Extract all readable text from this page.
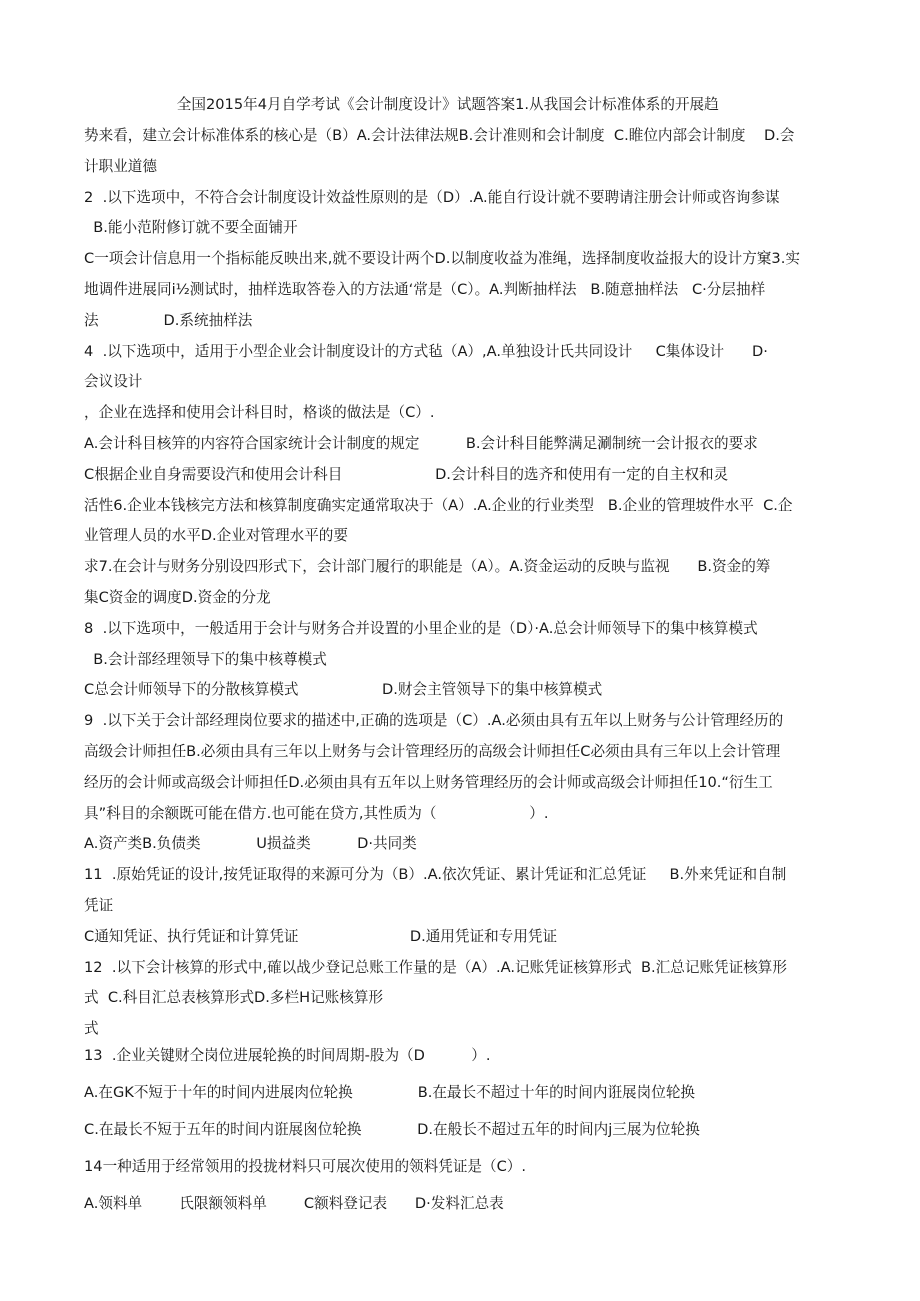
全国2015年4月自学考试《会计制度设计》试题答案1.从我国会计标准体系的开展趋

势来看，建立会计标准体系的核心是（B）A.会计法律法规B.会计准则和会计制度  C.睢位内部会计制度    D.会

计职业道德

2  .以下选项中，不符合会计制度设计效益性原则的是（D）.A.能自行设计就不要聘请注册会计师或咨询参谋

B.能小范附修订就不要全面铺开

C一项会计信息用一个指标能反映出来,就不要设计两个D.以制度收益为准绳，选择制度收益报大的设计方窠3.实

地调件进展同i½测试时，抽样选取答卷入的方法通‘常是（C）。A.判断抽样法   B.随意抽样法   C·分层抽样

法              D.系统抽样法

4  .以下选项中，适用于小型企业会计制度设计的方式毡（A）,A.单独设计氏共同设计     C集体设计      D·

会议设计

，企业在选择和使用会计科目时，格谈的做法是（C）.

A.会计科目核笄的内容符合国家统计会计制度的规定          B.会计科目能弊满足涮制统一会计报衣的要求

C根据企业自身需要设汽和使用会计科目                    D.会计科目的选齐和使用有一定的自主权和灵

活性6.企业本钱核完方法和核算制度确实定通常取决于（A）.A.企业的行业类型   B.企业的管理坡件水平  C.企

业管理人员的水平D.企业对管理水平的要

求7.在会计与财务分别设四形式下，会计部门履行的职能是（A）。A.资金运动的反映与监视      B.资金的筹

集C资金的调度D.资金的分龙

8  .以下选项中，一般适用于会计与财务合并设置的小里企业的是（D）·A.总会计师领导下的集中核算模式

B.会计部经理领导下的集中核尊模式

C总会计师领导下的分散核算模式                  D.财会主管领导下的集中核算模式

9  .以下关于会计部经理岗位要求的描述中,正确的选项是（C）.A.必须由具有五年以上财务与公计管理经历的

高级会计师担任B.必须由具有三年以上财务与会计管理经历的高级会计师担任C必须由具有三年以上会计管理

经历的会计师或高级会计师担任D.必须由具有五年以上财务管理经历的会计师或高级会计师担任10.“衍生工

具”科目的余额既可能在借方.也可能在贷方,其性质为（                    ）.

A.资产类B.负债类            U损益类          D·共同类

11  .原始凭证的设计,按凭证取得的来源可分为（B）.A.依次凭证、累计凭证和汇总凭证     B.外来凭证和自制

凭证

C通知凭证、执行凭证和计算凭证                        D.通用凭证和专用凭证

12  .以下会计核算的形式中,確以战少登记总账工作量的是（A）.A.记账凭证核算形式  B.汇总记账凭证核算形

式  C.科目汇总表核算形式D.多栏H记账核算形

式

13  .企业关键财仝岗位进展轮换的时间周期-股为（D          ）.

A.在GK不短于十年的时间内进展肉位轮换              B.在最长不超过十年的时间内诳展岗位轮换

C.在最长不短于五年的时间内诳展囪位轮换            D.在般长不超过五年的时间内j三展为位轮换

14一种适用于经常领用的投拢材料只可展次使用的领料凭证是（C）.

A.领料单        氏限额领料单        C额料登记表      D·发料汇总表
